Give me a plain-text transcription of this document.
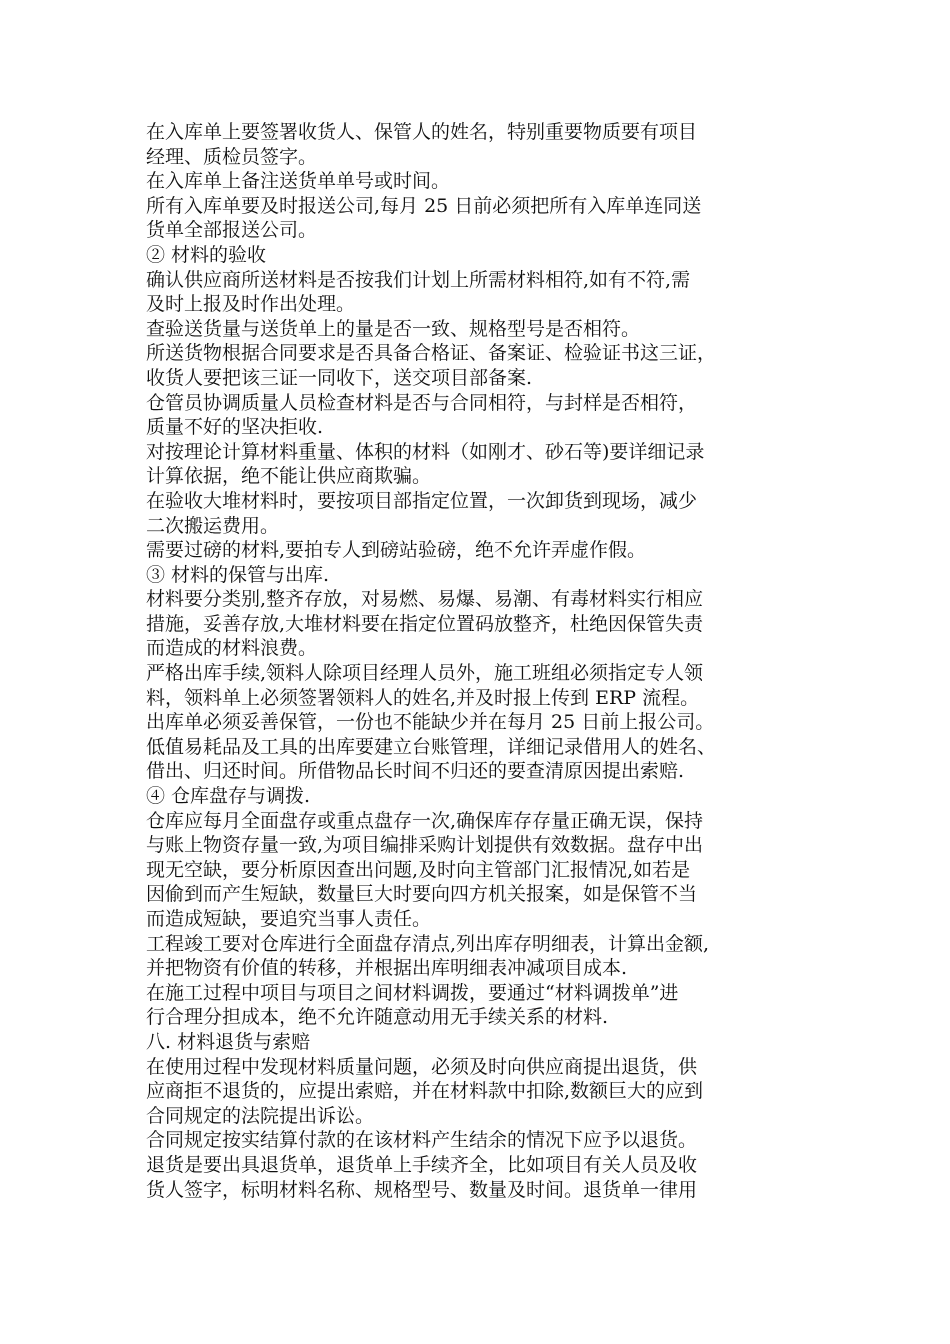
在入库单上要签署收货人、保管人的姓名，特别重要物质要有项目
经理、质检员签字。
在入库单上备注送货单单号或时间。
所有入库单要及时报送公司,每月 25 日前必须把所有入库单连同送
货单全部报送公司。
② 材料的验收
确认供应商所送材料是否按我们计划上所需材料相符,如有不符,需
及时上报及时作出处理。
查验送货量与送货单上的量是否一致、规格型号是否相符。
所送货物根据合同要求是否具备合格证、备案证、检验证书这三证，
收货人要把该三证一同收下，送交项目部备案.
仓管员协调质量人员检查材料是否与合同相符，与封样是否相符，
质量不好的坚决拒收.
对按理论计算材料重量、体积的材料（如刚才、砂石等)要详细记录
计算依据，绝不能让供应商欺骗。
在验收大堆材料时，要按项目部指定位置，一次卸货到现场，减少
二次搬运费用。
需要过磅的材料,要拍专人到磅站验磅，绝不允许弄虚作假。
③ 材料的保管与出库.
材料要分类别,整齐存放，对易燃、易爆、易潮、有毒材料实行相应
措施，妥善存放,大堆材料要在指定位置码放整齐，杜绝因保管失责
而造成的材料浪费。
严格出库手续,领料人除项目经理人员外，施工班组必须指定专人领
料，领料单上必须签署领料人的姓名,并及时报上传到 ERP 流程。
出库单必须妥善保管，一份也不能缺少并在每月 25 日前上报公司。
低值易耗品及工具的出库要建立台账管理，详细记录借用人的姓名、
借出、归还时间。所借物品长时间不归还的要查清原因提出索赔.
④ 仓库盘存与调拨.
仓库应每月全面盘存或重点盘存一次,确保库存存量正确无误，保持
与账上物资存量一致,为项目编排采购计划提供有效数据。盘存中出
现无空缺，要分析原因查出问题,及时向主管部门汇报情况,如若是
因偷到而产生短缺，数量巨大时要向四方机关报案，如是保管不当
而造成短缺，要追究当事人责任。
工程竣工要对仓库进行全面盘存清点,列出库存明细表，计算出金额,
并把物资有价值的转移，并根据出库明细表冲减项目成本.
在施工过程中项目与项目之间材料调拨，要通过“材料调拨单”进
行合理分担成本，绝不允许随意动用无手续关系的材料.
八. 材料退货与索赔
在使用过程中发现材料质量问题，必须及时向供应商提出退货，供
应商拒不退货的，应提出索赔，并在材料款中扣除,数额巨大的应到
合同规定的法院提出诉讼。
合同规定按实结算付款的在该材料产生结余的情况下应予以退货。
退货是要出具退货单，退货单上手续齐全，比如项目有关人员及收
货人签字，标明材料名称、规格型号、数量及时间。退货单一律用
